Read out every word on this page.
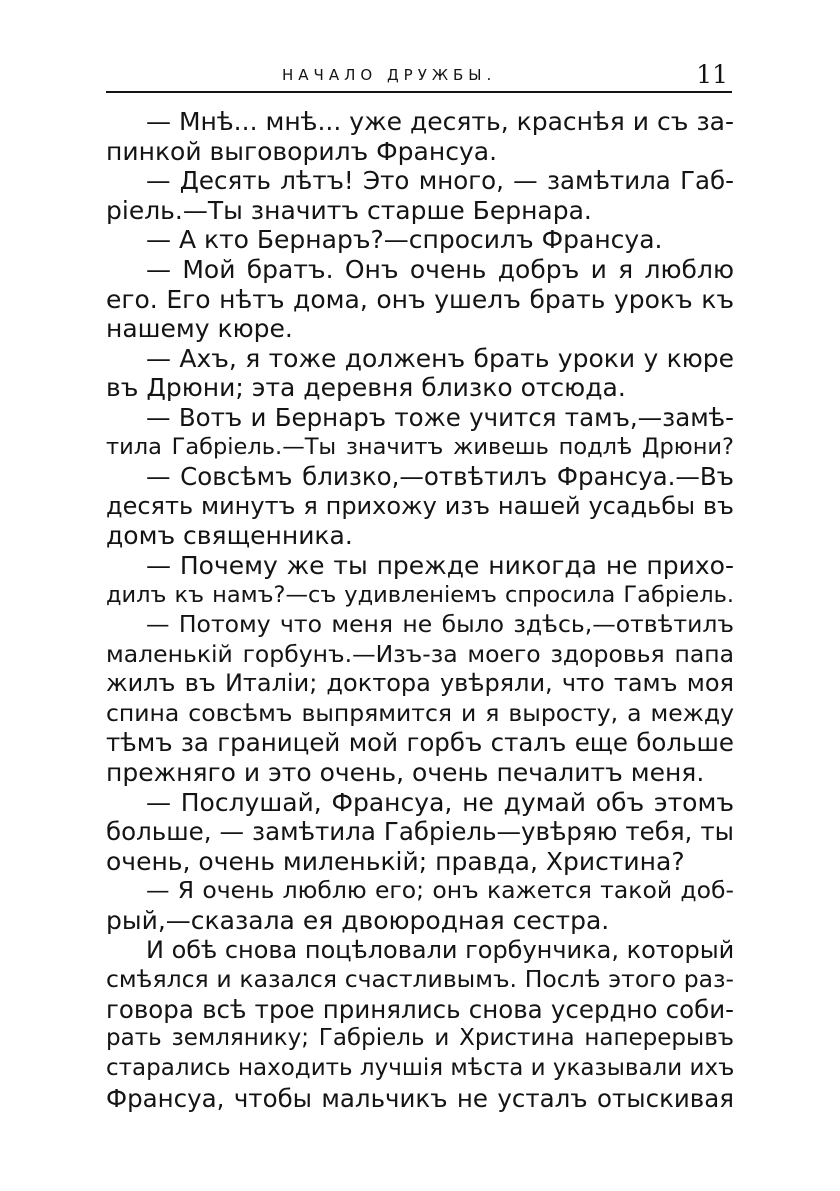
НАЧАЛО ДРУЖБЫ.	11
— Мнѣ... мнѣ... уже десять, краснѣя и съ за-
пинкой выговорилъ Франсуа.
— Десять лѣтъ! Это много, — замѣтила Габ-
ріель.—Ты значитъ старше Бернара.
— А кто Бернаръ?—спросилъ Франсуа.
— Мой братъ. Онъ очень добръ и я люблю
его. Его нѣтъ дома, онъ ушелъ брать урокъ къ
нашему кюре.
— Ахъ, я тоже долженъ брать уроки у кюре
въ Дрюни; эта деревня близко отсюда.
— Вотъ и Бернаръ тоже учится тамъ,—замѣ-
тила Габріель.—Ты значитъ живешь подлѣ Дрюни?
— Совсѣмъ близко,—отвѣтилъ Франсуа.—Въ
десять минутъ я прихожу изъ нашей усадьбы въ
домъ священника.
— Почему же ты прежде никогда не прихо-
дилъ къ намъ?—съ удивленіемъ спросила Габріель.
— Потому что меня не было здѣсь,—отвѣтилъ
маленькій горбунъ.—Изъ-за моего здоровья папа
жилъ въ Италіи; доктора увѣряли, что тамъ моя
спина совсѣмъ выпрямится и я выросту, а между
тѣмъ за границей мой горбъ сталъ еще больше
прежняго и это очень, очень печалитъ меня.
— Послушай, Франсуа, не думай объ этомъ
больше, — замѣтила Габріель—увѣряю тебя, ты
очень, очень миленькій; правда, Христина?
— Я очень люблю его; онъ кажется такой доб-
рый,—сказала ея двоюродная сестра.
И обѣ снова поцѣловали горбунчика, который
смѣялся и казался счастливымъ. Послѣ этого раз-
говора всѣ трое принялись снова усердно соби-
рать землянику; Габріель и Христина наперерывъ
старались находить лучшія мѣста и указывали ихъ
Франсуа, чтобы мальчикъ не усталъ отыскивая
